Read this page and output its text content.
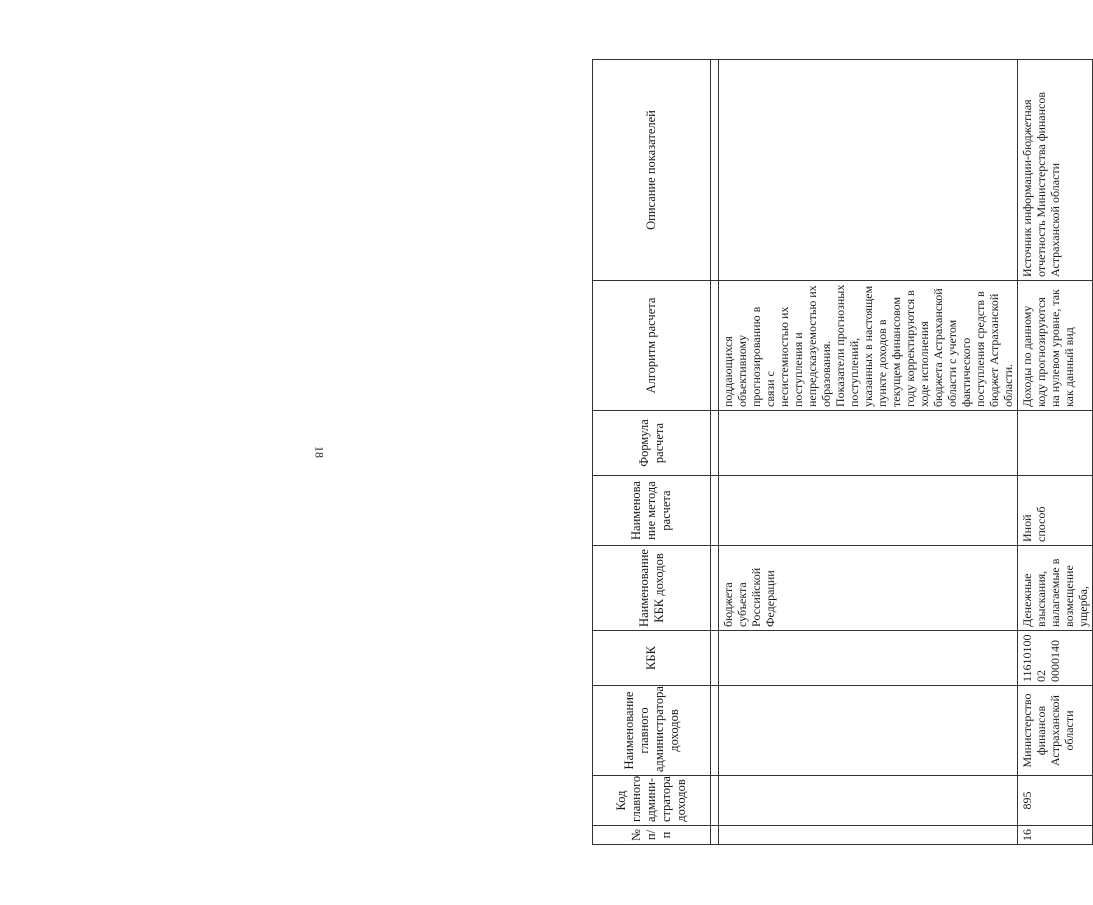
18
№ п/п	Код главного админи-стратора доходов	Наименование главного администратора доходов	КБК	Наименование КБК доходов	Наименова ние метода расчета	Формула расчета	Алгоритм расчета	Описание показателей

				бюджета субъекта Российской Федерации			поддающихся объективному прогнозированию в связи с несистемностью их поступления и непредсказуемостью их образования. Показатели прогнозных поступлений, указанных в настоящем пункте доходов в текущем финансовом году корректируются в ходе исполнения бюджета Астраханской области с учетом фактического поступления средств в бюджет Астраханской области.	
16	895	Министерство финансов Астраханской области	1161010002 0000140	Денежные взыскания, налагаемые в возмещение ущерба,	Иной способ		Доходы по данному коду прогнозируются на нулевом уровне, так как данный вид	Источник информации-бюджетная отчетность Министерства финансов Астраханской области
